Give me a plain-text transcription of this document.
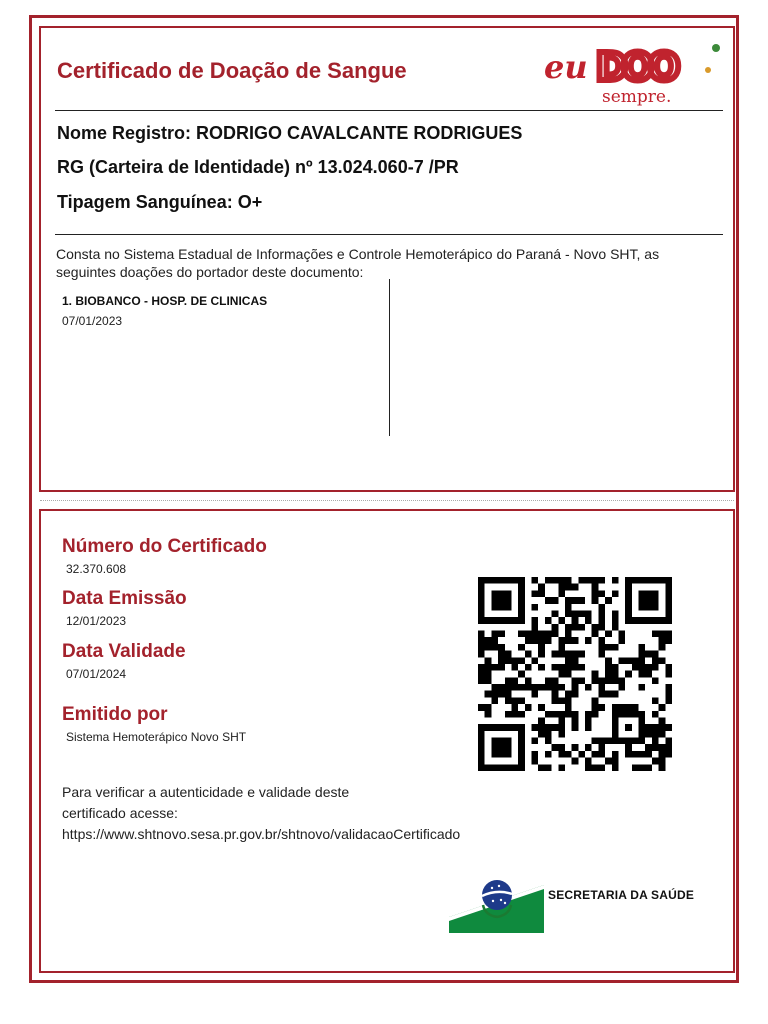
Certificado de Doação de Sangue	eu DOO
sempre.

Nome Registro: RODRIGO CAVALCANTE RODRIGUES

RG (Carteira de Identidade) nº 13.024.060-7 /PR

Tipagem Sanguínea: O+

Consta no Sistema Estadual de Informações e Controle Hemoterápico do Paraná - Novo SHT, as seguintes doações do portador deste documento:

1. BIOBANCO - HOSP. DE CLINICAS
07/01/2023

Número do Certificado

32.370.608

Data Emissão

12/01/2023

Data Validade

07/01/2024

Emitido por

Sistema Hemoterápico Novo SHT

Para verificar a autenticidade e validade deste certificado acesse: https://www.shtnovo.sesa.pr.gov.br/shtnovo/validacaoCertificado

SECRETARIA DA SAÚDE
